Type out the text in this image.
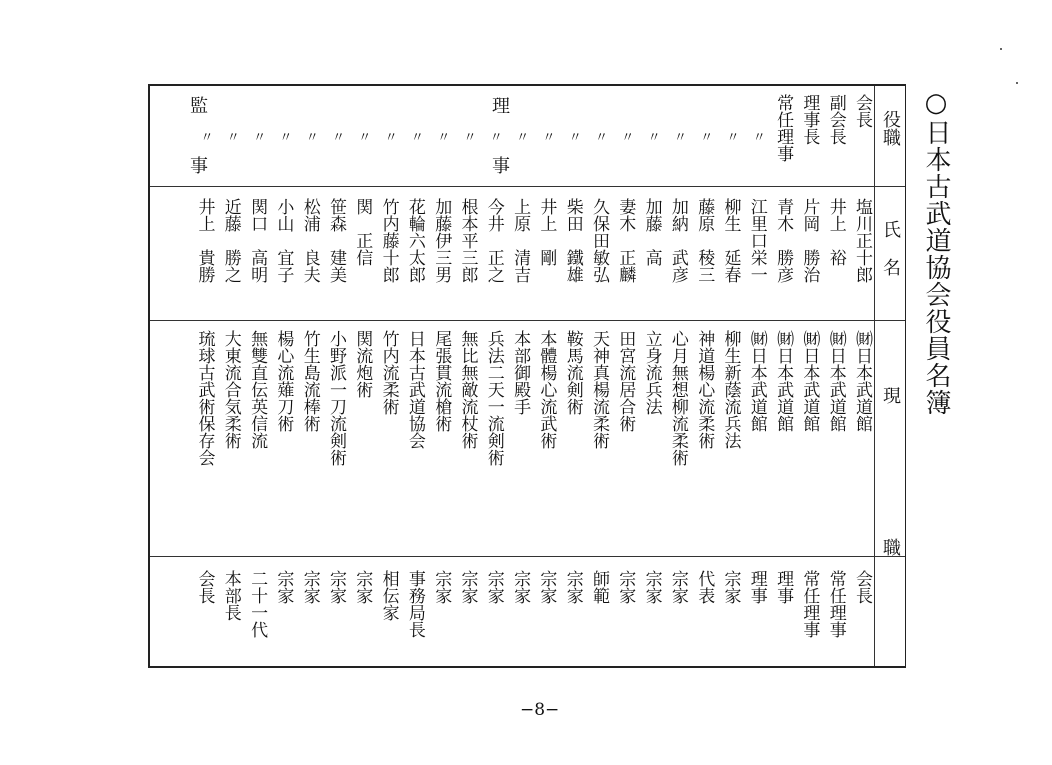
○日本古武道協会役員名簿
役職
氏
名
現
職
監
事
理
事
会長
塩川正十郎
㈶日本武道館
会長
副会長
井上　裕
㈶日本武道館
常任理事
理事長
片岡　勝治
㈶日本武道館
常任理事
常任理事
青木　勝彦
㈶日本武道館
理事
〃
江里口栄一
㈶日本武道館
理事
〃
柳生　延春
柳生新蔭流兵法
宗家
〃
藤原　稜三
神道楊心流柔術
代表
〃
加納　武彦
心月無想柳流柔術
宗家
〃
加藤　高
立身流兵法
宗家
〃
妻木　正麟
田宮流居合術
宗家
〃
久保田敏弘
天神真楊流柔術
師範
〃
柴田　鐵雄
鞍馬流剣術
宗家
〃
井上　剛
本體楊心流武術
宗家
〃
上原　清吉
本部御殿手
宗家
〃
今井　正之
兵法二天一流剣術
宗家
〃
根本平三郎
無比無敵流杖術
宗家
〃
加藤伊三男
尾張貫流槍術
宗家
〃
花輪六太郎
日本古武道協会
事務局長
〃
竹内藤十郎
竹内流柔術
相伝家
〃
関　正信
関流炮術
宗家
〃
笹森　建美
小野派一刀流剣術
宗家
〃
松浦　良夫
竹生島流棒術
宗家
〃
小山　宜子
楊心流薙刀術
宗家
〃
関口　高明
無雙直伝英信流
二十一代
〃
近藤　勝之
大東流合気柔術
本部長
〃
井上　貴勝
琉球古武術保存会
会長
−8−
